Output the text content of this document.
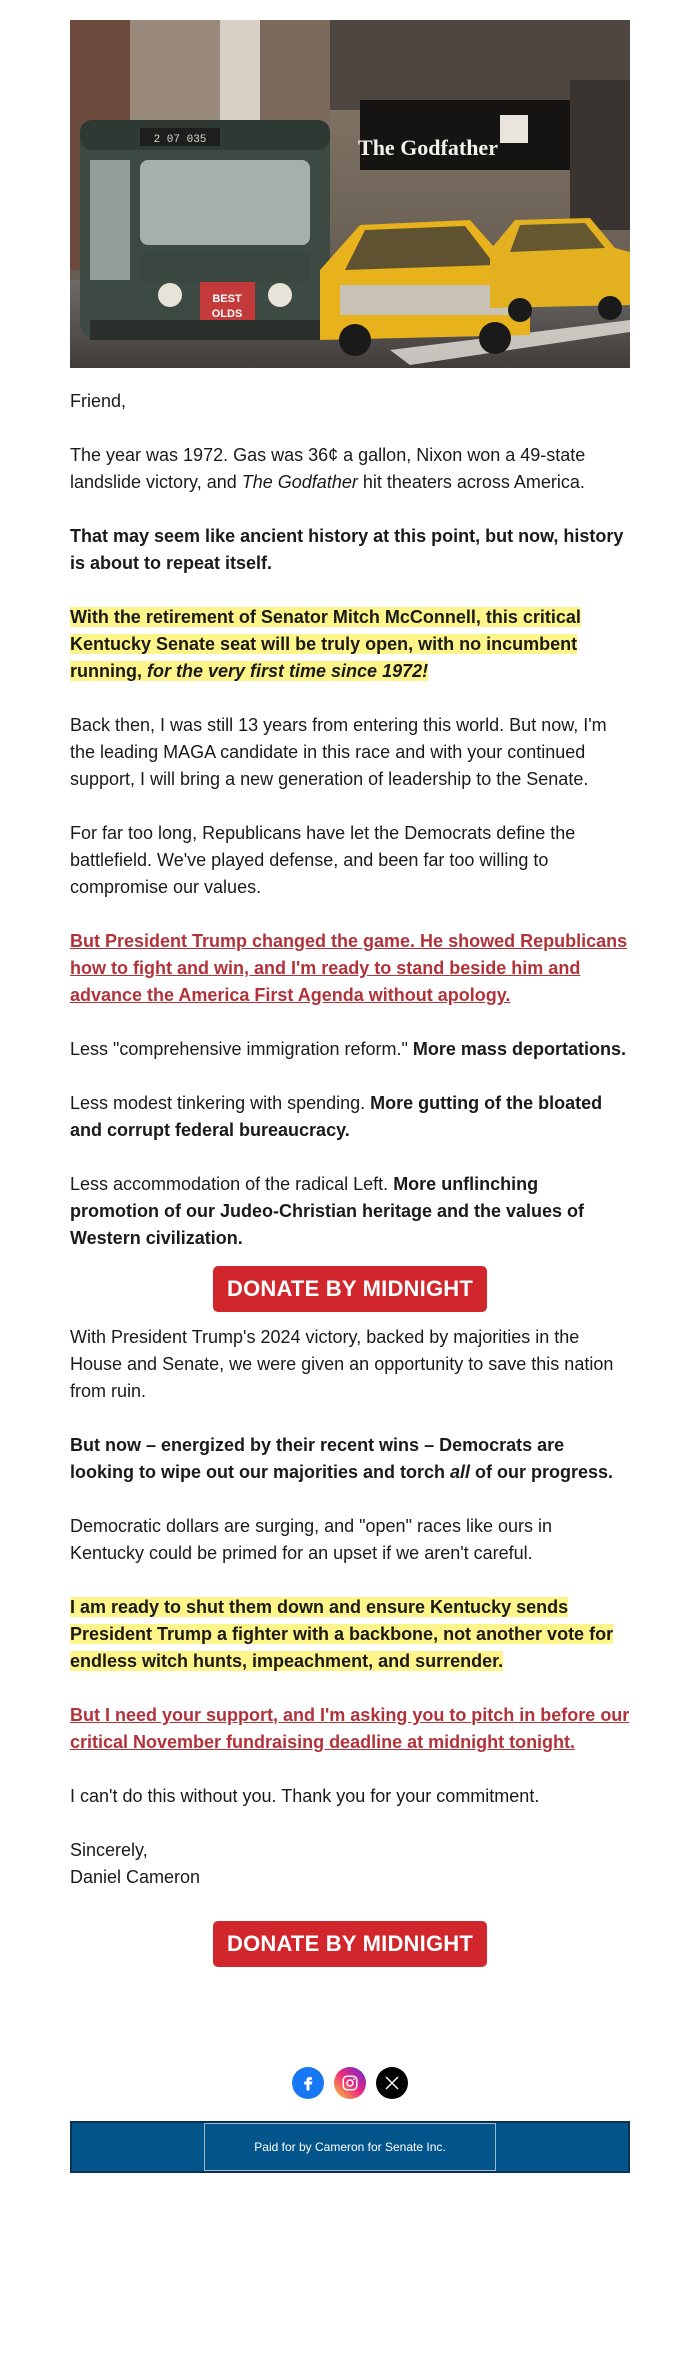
The Godfather
2 07 035
BEST
OLDS

Friend,

The year was 1972. Gas was 36¢ a gallon, Nixon won a 49-state landslide victory, and The Godfather hit theaters across America.

That may seem like ancient history at this point, but now, history is about to repeat itself.

With the retirement of Senator Mitch McConnell, this critical Kentucky Senate seat will be truly open, with no incumbent running, for the very first time since 1972!

Back then, I was still 13 years from entering this world. But now, I'm the leading MAGA candidate in this race and with your continued support, I will bring a new generation of leadership to the Senate.

For far too long, Republicans have let the Democrats define the battlefield. We've played defense, and been far too willing to compromise our values.

But President Trump changed the game. He showed Republicans how to fight and win, and I'm ready to stand beside him and advance the America First Agenda without apology.

Less "comprehensive immigration reform." More mass deportations.

Less modest tinkering with spending. More gutting of the bloated and corrupt federal bureaucracy.

Less accommodation of the radical Left. More unflinching promotion of our Judeo-Christian heritage and the values of Western civilization.

DONATE BY MIDNIGHT

With President Trump's 2024 victory, backed by majorities in the House and Senate, we were given an opportunity to save this nation from ruin.

But now – energized by their recent wins – Democrats are looking to wipe out our majorities and torch all of our progress.

Democratic dollars are surging, and "open" races like ours in Kentucky could be primed for an upset if we aren't careful.

I am ready to shut them down and ensure Kentucky sends President Trump a fighter with a backbone, not another vote for endless witch hunts, impeachment, and surrender.

But I need your support, and I'm asking you to pitch in before our critical November fundraising deadline at midnight tonight.

I can't do this without you. Thank you for your commitment.

Sincerely,
Daniel Cameron

DONATE BY MIDNIGHT
Paid for by Cameron for Senate Inc.
